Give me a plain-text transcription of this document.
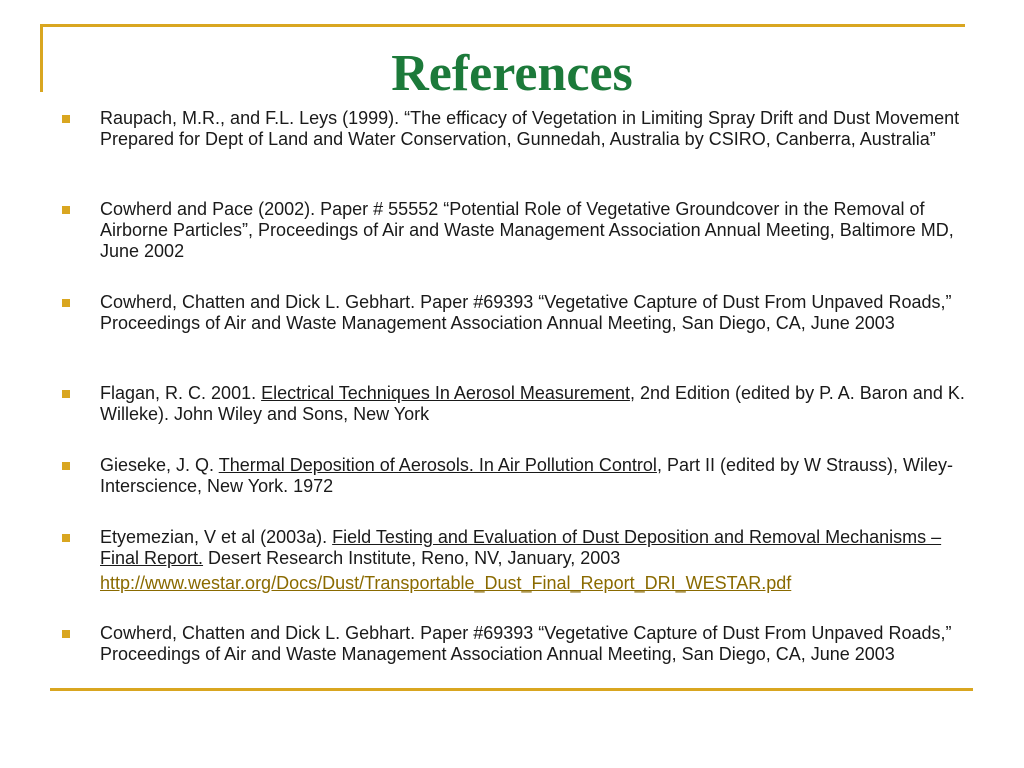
References
Raupach, M.R., and F.L. Leys (1999). “The efficacy of Vegetation in Limiting Spray Drift and Dust Movement Prepared for Dept of Land and Water Conservation, Gunnedah, Australia by CSIRO, Canberra, Australia”
Cowherd and Pace (2002). Paper # 55552 “Potential Role of Vegetative Groundcover in the Removal of Airborne Particles”, Proceedings of Air and Waste Management Association Annual Meeting, Baltimore MD, June 2002
Cowherd, Chatten and Dick L. Gebhart. Paper #69393 “Vegetative Capture of Dust From Unpaved Roads,” Proceedings of Air and Waste Management Association Annual Meeting, San Diego, CA, June 2003
Flagan, R. C. 2001. Electrical Techniques In Aerosol Measurement, 2nd Edition (edited by P. A. Baron and K. Willeke). John Wiley and Sons, New York
Gieseke, J. Q. Thermal Deposition of Aerosols. In Air Pollution Control, Part II (edited by W Strauss), Wiley-Interscience, New York. 1972
Etyemezian, V et al (2003a). Field Testing and Evaluation of Dust Deposition and Removal Mechanisms – Final Report. Desert Research Institute, Reno, NV, January, 2003
http://www.westar.org/Docs/Dust/Transportable_Dust_Final_Report_DRI_WESTAR.pdf
Cowherd, Chatten and Dick L. Gebhart. Paper #69393 “Vegetative Capture of Dust From Unpaved Roads,” Proceedings of Air and Waste Management Association Annual Meeting, San Diego, CA, June 2003
